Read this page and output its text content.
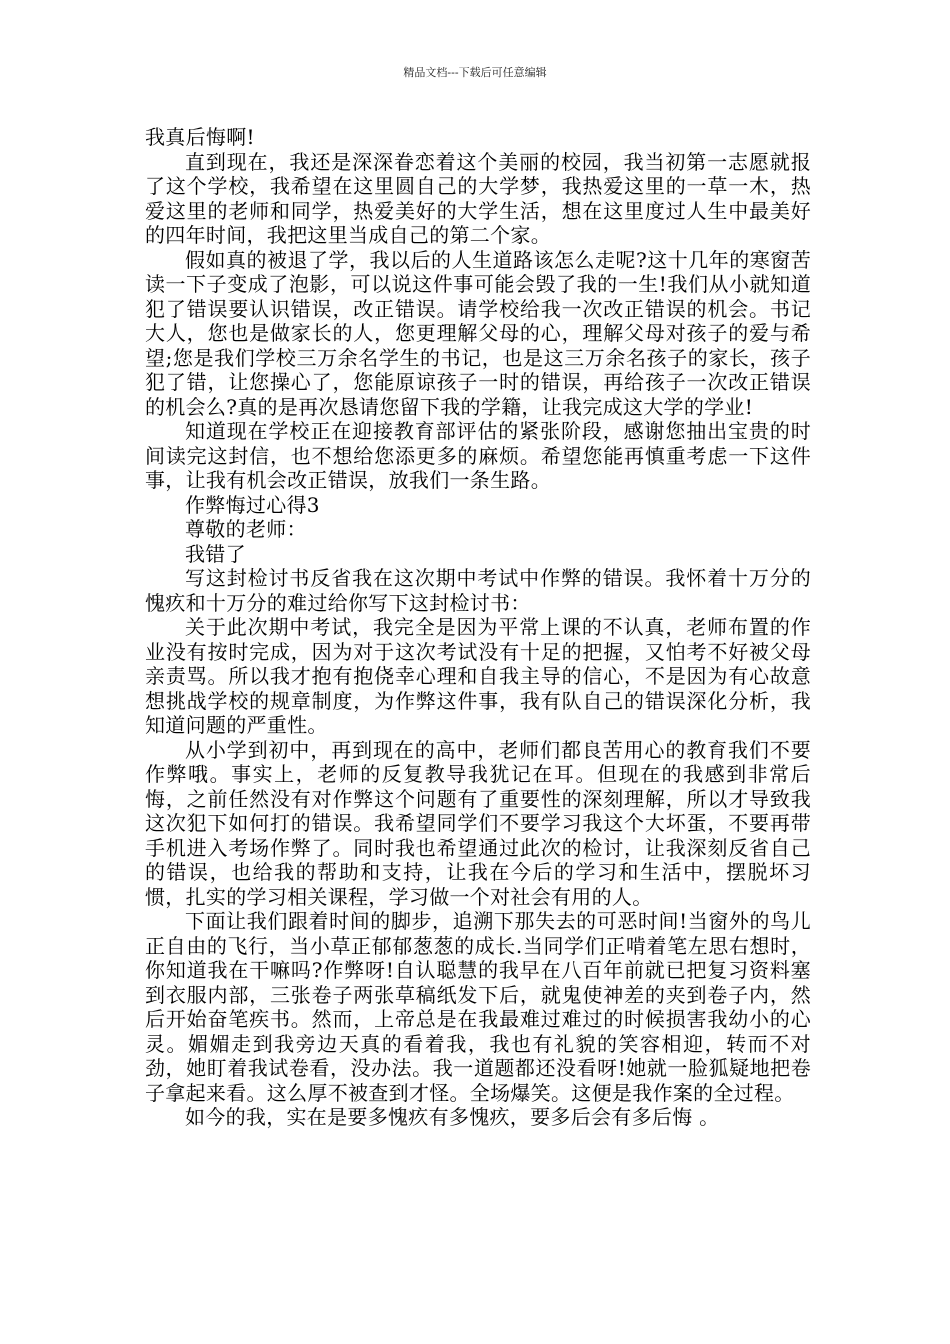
精品文档---下载后可任意编辑

我真后悔啊!

直到现在，我还是深深眷恋着这个美丽的校园，我当初第一志愿就报了这个学校，我希望在这里圆自己的大学梦，我热爱这里的一草一木，热爱这里的老师和同学，热爱美好的大学生活，想在这里度过人生中最美好的四年时间，我把这里当成自己的第二个家。

假如真的被退了学，我以后的人生道路该怎么走呢?这十几年的寒窗苦读一下子变成了泡影，可以说这件事可能会毁了我的一生!我们从小就知道犯了错误要认识错误，改正错误。请学校给我一次改正错误的机会。书记大人，您也是做家长的人，您更理解父母的心，理解父母对孩子的爱与希望;您是我们学校三万余名学生的书记，也是这三万余名孩子的家长，孩子犯了错，让您操心了，您能原谅孩子一时的错误，再给孩子一次改正错误的机会么?真的是再次恳请您留下我的学籍，让我完成这大学的学业!

知道现在学校正在迎接教育部评估的紧张阶段，感谢您抽出宝贵的时间读完这封信，也不想给您添更多的麻烦。希望您能再慎重考虑一下这件事，让我有机会改正错误，放我们一条生路。

作弊悔过心得3

尊敬的老师：

我错了

写这封检讨书反省我在这次期中考试中作弊的错误。我怀着十万分的愧疚和十万分的难过给你写下这封检讨书：

关于此次期中考试，我完全是因为平常上课的不认真，老师布置的作业没有按时完成，因为对于这次考试没有十足的把握，又怕考不好被父母亲责骂。所以我才抱有抱侥幸心理和自我主导的信心，不是因为有心故意想挑战学校的规章制度，为作弊这件事，我有队自己的错误深化分析，我知道问题的严重性。

从小学到初中，再到现在的高中，老师们都良苦用心的教育我们不要作弊哦。事实上，老师的反复教导我犹记在耳。但现在的我感到非常后悔，之前任然没有对作弊这个问题有了重要性的深刻理解，所以才导致我这次犯下如何打的错误。我希望同学们不要学习我这个大坏蛋，不要再带手机进入考场作弊了。同时我也希望通过此次的检讨，让我深刻反省自己的错误，也给我的帮助和支持，让我在今后的学习和生活中，摆脱坏习惯，扎实的学习相关课程，学习做一个对社会有用的人。

下面让我们跟着时间的脚步，追溯下那失去的可恶时间!当窗外的鸟儿正自由的飞行，当小草正郁郁葱葱的成长.当同学们正啃着笔左思右想时，你知道我在干嘛吗?作弊呀!自认聪慧的我早在八百年前就已把复习资料塞到衣服内部，三张卷子两张草稿纸发下后，就鬼使神差的夹到卷子内，然后开始奋笔疾书。然而，上帝总是在我最难过难过的时候损害我幼小的心灵。媚媚走到我旁边天真的看着我，我也有礼貌的笑容相迎，转而不对劲，她盯着我试卷看，没办法。我一道题都还没看呀!她就一脸狐疑地把卷子拿起来看。这么厚不被查到才怪。全场爆笑。这便是我作案的全过程。

如今的我，实在是要多愧疚有多愧疚，要多后会有多后悔 。
